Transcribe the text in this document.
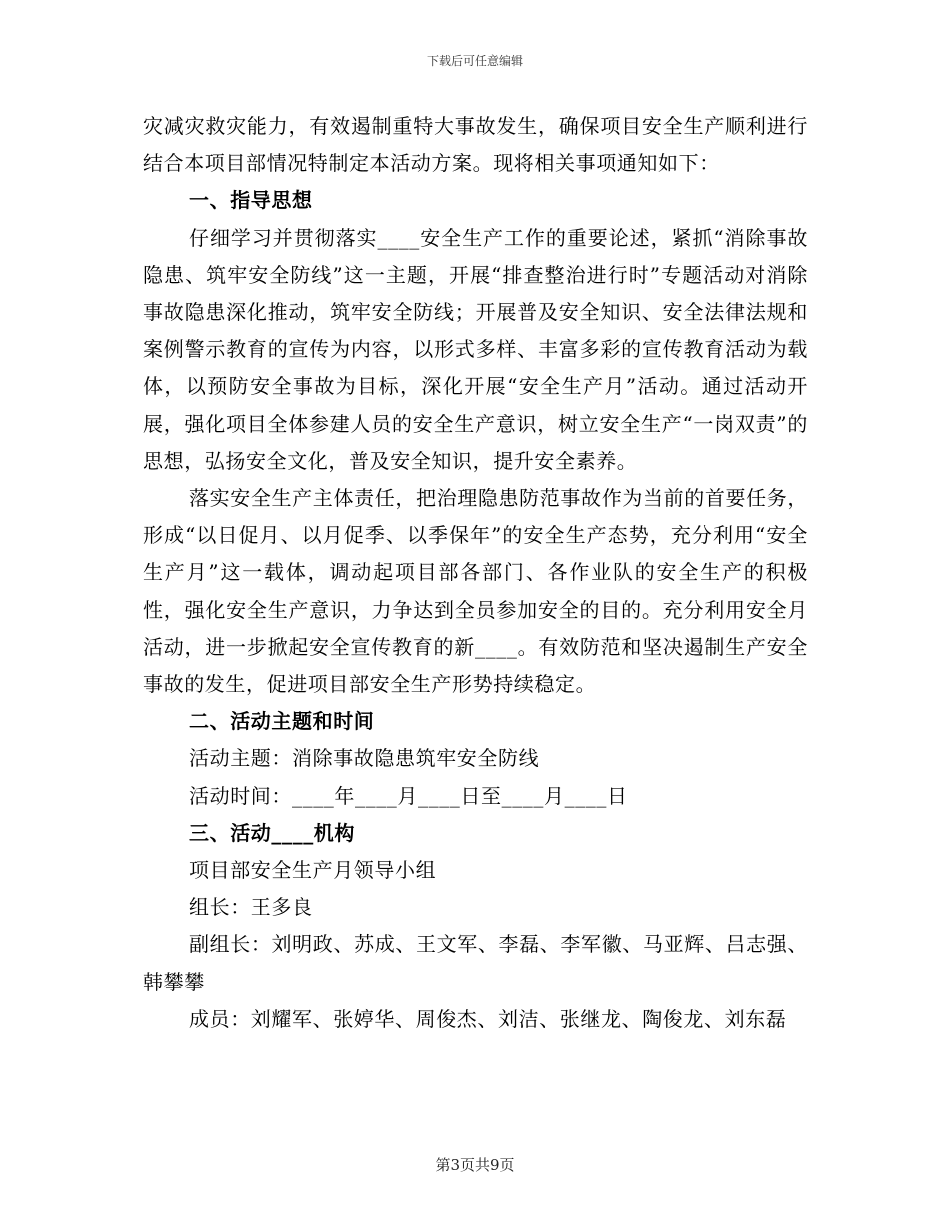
下载后可任意编辑

灾减灾救灾能力，有效遏制重特大事故发生，确保项目安全生产顺利进行结合本项目部情况特制定本活动方案。现将相关事项通知如下：

一、指导思想

仔细学习并贯彻落实____安全生产工作的重要论述，紧抓“消除事故隐患、筑牢安全防线”这一主题，开展“排查整治进行时”专题活动对消除事故隐患深化推动，筑牢安全防线；开展普及安全知识、安全法律法规和案例警示教育的宣传为内容，以形式多样、丰富多彩的宣传教育活动为载体，以预防安全事故为目标，深化开展“安全生产月”活动。通过活动开展，强化项目全体参建人员的安全生产意识，树立安全生产“一岗双责”的思想，弘扬安全文化，普及安全知识，提升安全素养。

落实安全生产主体责任，把治理隐患防范事故作为当前的首要任务，形成“以日促月、以月促季、以季保年”的安全生产态势，充分利用“安全生产月”这一载体，调动起项目部各部门、各作业队的安全生产的积极性，强化安全生产意识，力争达到全员参加安全的目的。充分利用安全月活动，进一步掀起安全宣传教育的新____。有效防范和坚决遏制生产安全事故的发生，促进项目部安全生产形势持续稳定。

二、活动主题和时间

活动主题：消除事故隐患筑牢安全防线

活动时间：____年____月____日至____月____日

三、活动____机构

项目部安全生产月领导小组

组长：王多良

副组长：刘明政、苏成、王文军、李磊、李军徽、马亚辉、吕志强、韩攀攀

成员：刘耀军、张婷华、周俊杰、刘洁、张继龙、陶俊龙、刘东磊

第3页共9页
